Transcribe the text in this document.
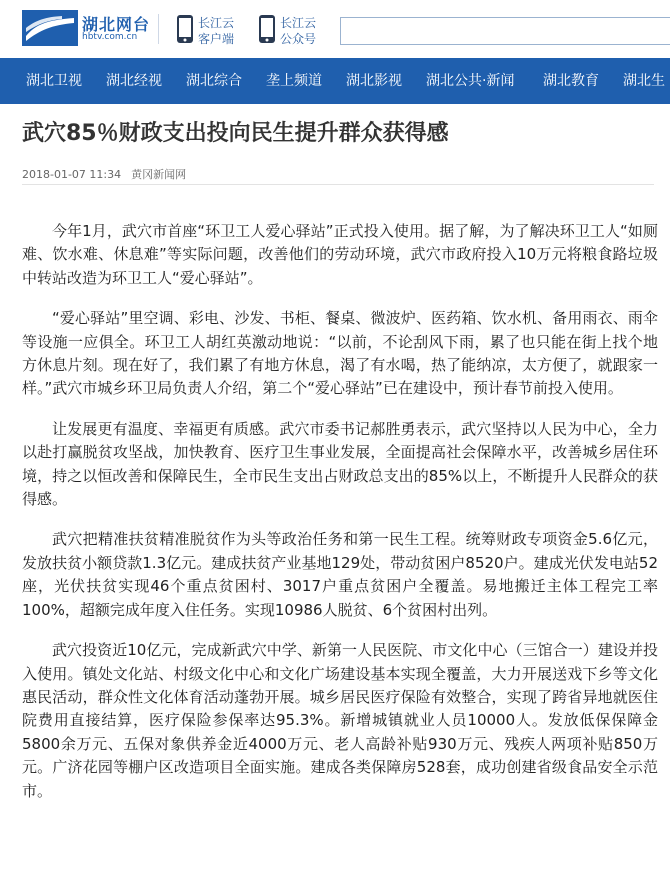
湖北网台
hbtv.com.cn
长江云
客户端
长江云
公众号
湖北卫视 湖北经视 湖北综合 垄上频道 湖北影视 湖北公共·新闻 湖北教育 湖北生
武穴85％财政支出投向民生提升群众获得感
2018-01-07 11:34 黄冈新闻网

今年1月，武穴市首座“环卫工人爱心驿站”正式投入使用。据了解，为了解决环卫工人“如厕难、饮水难、休息难”等实际问题，改善他们的劳动环境，武穴市政府投入10万元将粮食路垃圾中转站改造为环卫工人“爱心驿站”。

“爱心驿站”里空调、彩电、沙发、书柜、餐桌、微波炉、医药箱、饮水机、备用雨衣、雨伞等设施一应俱全。环卫工人胡红英激动地说：“以前，不论刮风下雨，累了也只能在街上找个地方休息片刻。现在好了，我们累了有地方休息，渴了有水喝，热了能纳凉，太方便了，就跟家一样。”武穴市城乡环卫局负责人介绍，第二个“爱心驿站”已在建设中，预计春节前投入使用。

让发展更有温度、幸福更有质感。武穴市委书记郝胜勇表示，武穴坚持以人民为中心，全力以赴打赢脱贫攻坚战，加快教育、医疗卫生事业发展，全面提高社会保障水平，改善城乡居住环境，持之以恒改善和保障民生，全市民生支出占财政总支出的85%以上，不断提升人民群众的获得感。

武穴把精准扶贫精准脱贫作为头等政治任务和第一民生工程。统筹财政专项资金5.6亿元，发放扶贫小额贷款1.3亿元。建成扶贫产业基地129处，带动贫困户8520户。建成光伏发电站52座，光伏扶贫实现46个重点贫困村、3017户重点贫困户全覆盖。易地搬迁主体工程完工率100%，超额完成年度入住任务。实现10986人脱贫、6个贫困村出列。

武穴投资近10亿元，完成新武穴中学、新第一人民医院、市文化中心（三馆合一）建设并投入使用。镇处文化站、村级文化中心和文化广场建设基本实现全覆盖，大力开展送戏下乡等文化惠民活动，群众性文化体育活动蓬勃开展。城乡居民医疗保险有效整合，实现了跨省异地就医住院费用直接结算，医疗保险参保率达95.3%。新增城镇就业人员10000人。发放低保保障金5800余万元、五保对象供养金近4000万元、老人高龄补贴930万元、残疾人两项补贴850万元。广济花园等棚户区改造项目全面实施。建成各类保障房528套，成功创建省级食品安全示范市。
